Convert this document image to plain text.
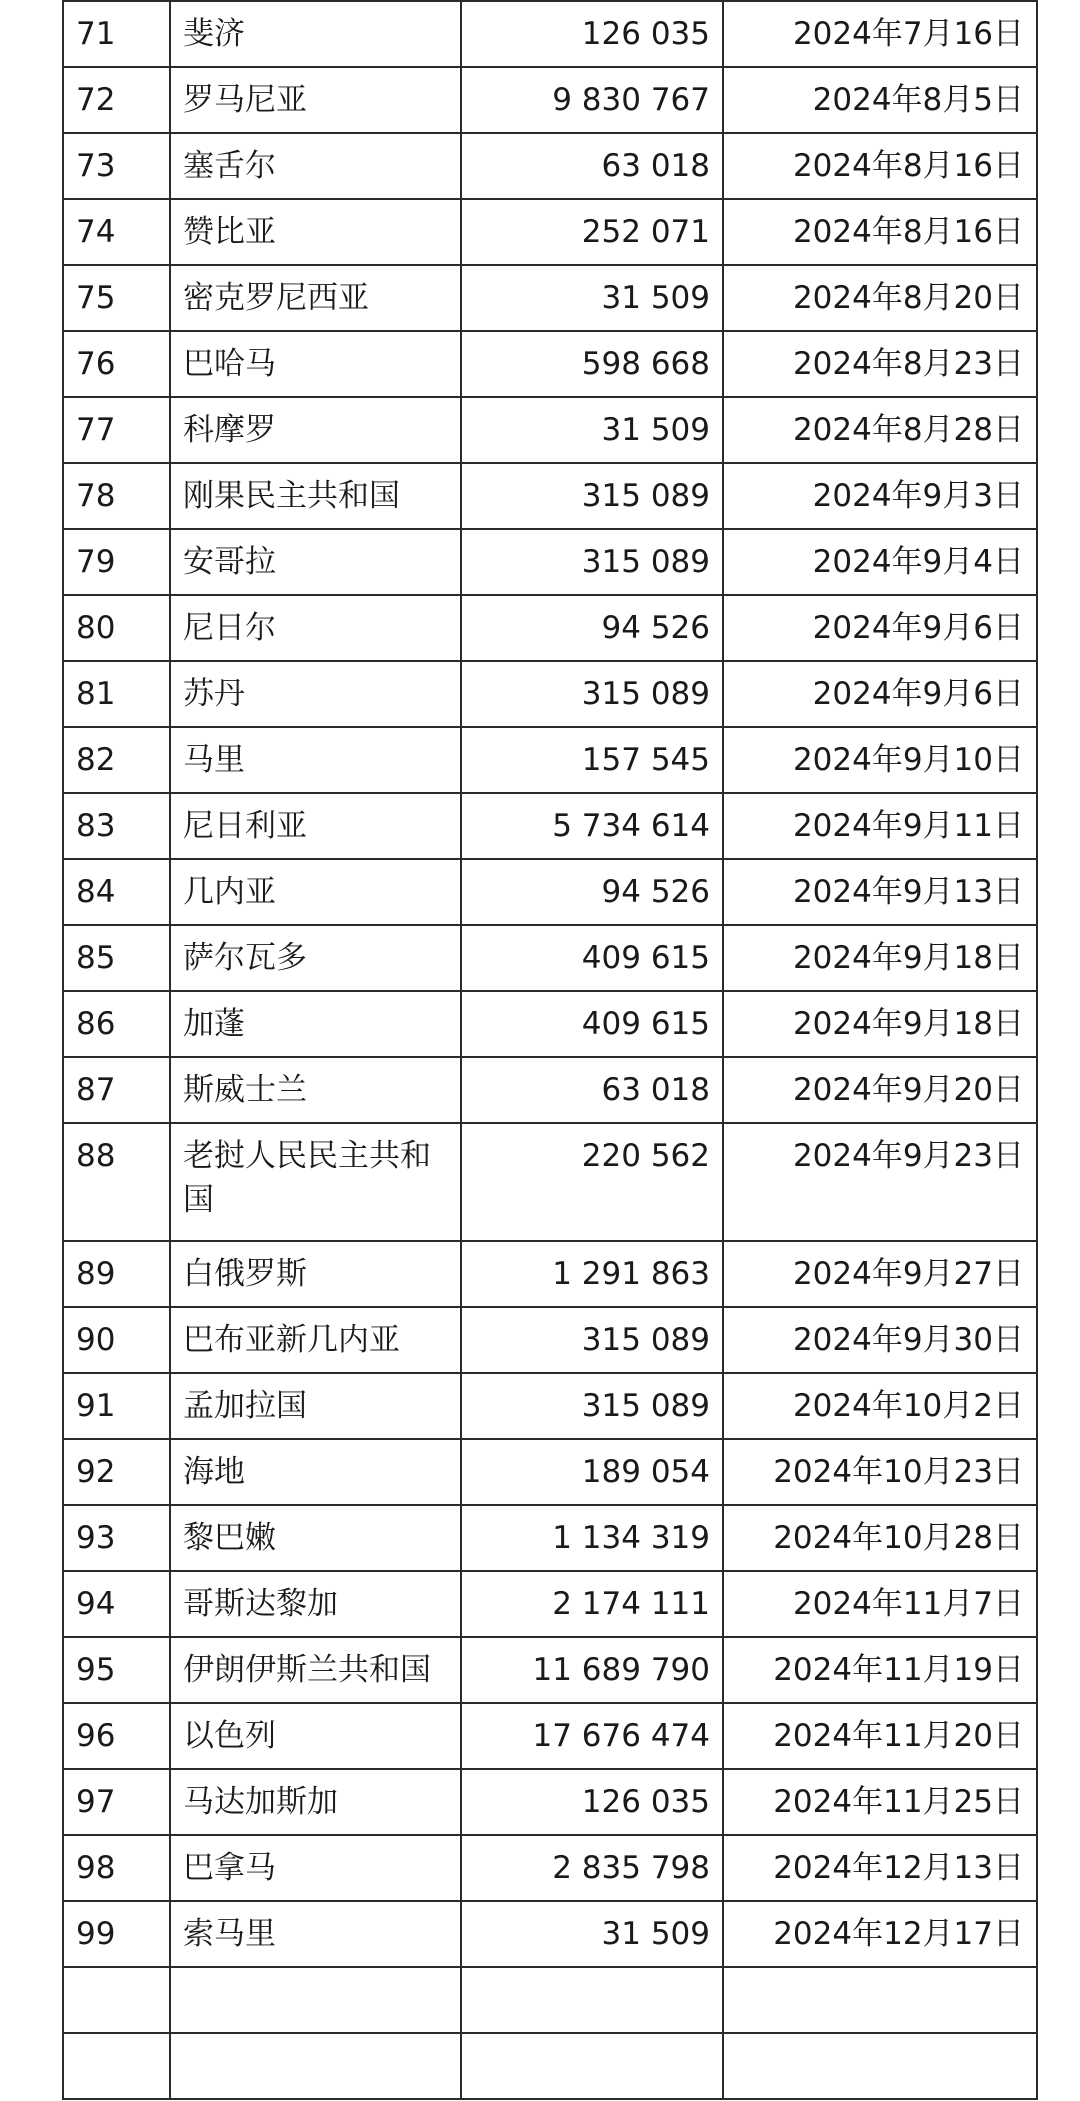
71	斐济	126 035	2024年7月16日
72	罗马尼亚	9 830 767	2024年8月5日
73	塞舌尔	63 018	2024年8月16日
74	赞比亚	252 071	2024年8月16日
75	密克罗尼西亚	31 509	2024年8月20日
76	巴哈马	598 668	2024年8月23日
77	科摩罗	31 509	2024年8月28日
78	刚果民主共和国	315 089	2024年9月3日
79	安哥拉	315 089	2024年9月4日
80	尼日尔	94 526	2024年9月6日
81	苏丹	315 089	2024年9月6日
82	马里	157 545	2024年9月10日
83	尼日利亚	5 734 614	2024年9月11日
84	几内亚	94 526	2024年9月13日
85	萨尔瓦多	409 615	2024年9月18日
86	加蓬	409 615	2024年9月18日
87	斯威士兰	63 018	2024年9月20日
88	老挝人民民主共和国	220 562	2024年9月23日
89	白俄罗斯	1 291 863	2024年9月27日
90	巴布亚新几内亚	315 089	2024年9月30日
91	孟加拉国	315 089	2024年10月2日
92	海地	189 054	2024年10月23日
93	黎巴嫩	1 134 319	2024年10月28日
94	哥斯达黎加	2 174 111	2024年11月7日
95	伊朗伊斯兰共和国	11 689 790	2024年11月19日
96	以色列	17 676 474	2024年11月20日
97	马达加斯加	126 035	2024年11月25日
98	巴拿马	2 835 798	2024年12月13日
99	索马里	31 509	2024年12月17日
